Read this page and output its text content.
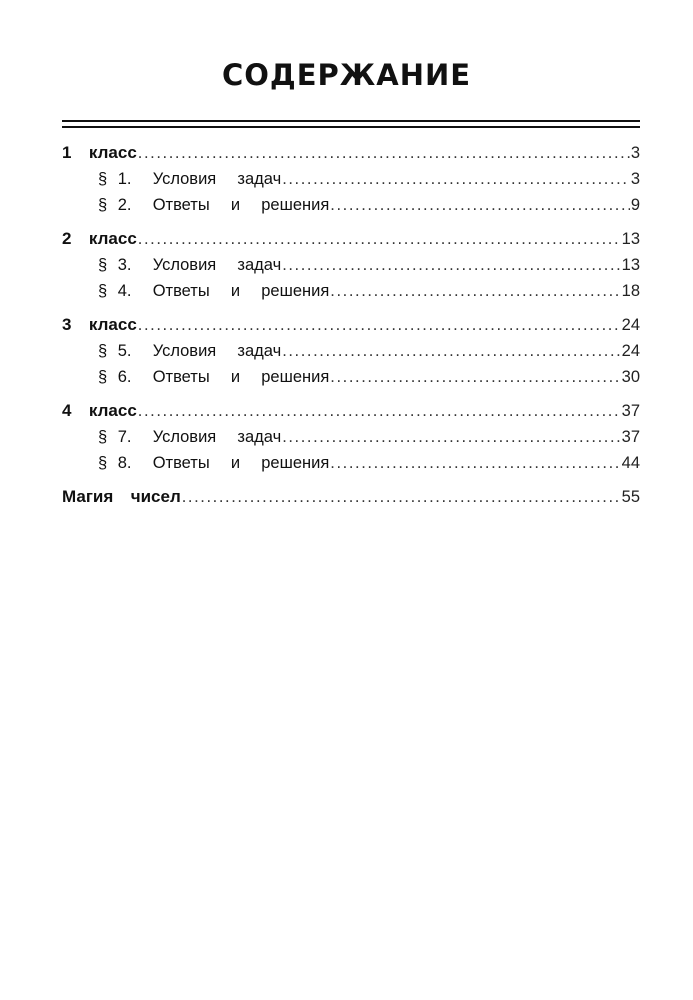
СОДЕРЖАНИЕ
1  класс .....	3
§ 1.  Условия  задач .....	3
§ 2.  Ответы  и  решения .....	9
2  класс .....	13
§ 3.  Условия  задач .....	13
§ 4.  Ответы  и  решения .....	18
3  класс .....	24
§ 5.  Условия  задач .....	24
§ 6.  Ответы  и  решения .....	30
4  класс .....	37
§ 7.  Условия  задач .....	37
§ 8.  Ответы  и  решения .....	44
Магия  чисел .....	55
